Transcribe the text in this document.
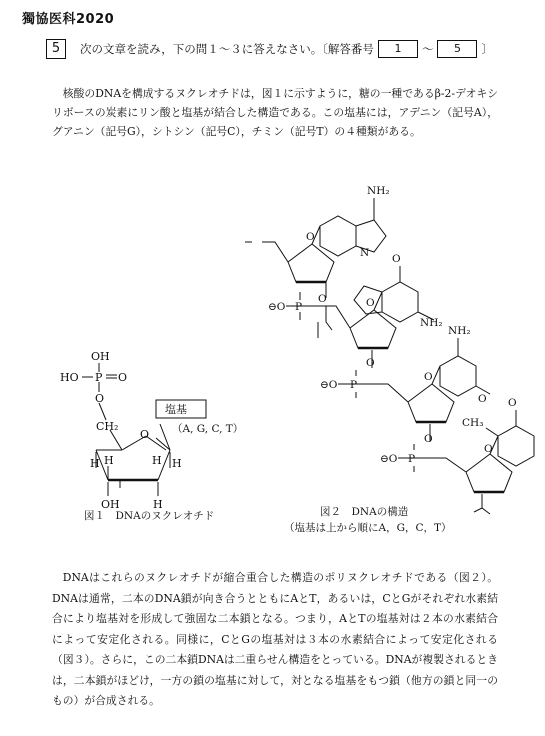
獨協医科2020
5	次の文章を読み，下の問１～３に答えなさい。〔解答番号	1	～	5	〕
核酸のDNAを構成するヌクレオチドは，図１に示すように，糖の一種であるβ-2-デオキシリボースの炭素にリン酸と塩基が結合した構造である。この塩基には，アデニン（記号A），グアニン（記号G），シトシン（記号C），チミン（記号T）の４種類がある。
OH
HO P O
O
CH₂
O
H H	H H
OH	H
塩基
（A, G, C, T）
NH₂
N
O
O
⊖O P
O
NH₂
O
O
⊖O P
NH₂
O
O
O
⊖O P
O
CH₃
O
図１　DNAのヌクレオチド	図２　DNAの構造
（塩基は上から順にA，G，C，T）
DNAはこれらのヌクレオチドが縮合重合した構造のポリヌクレオチドである（図２）。DNAは通常，二本のDNA鎖が向き合うとともにAとT，あるいは，CとGがそれぞれ水素結合により塩基対を形成して強固な二本鎖となる。つまり，AとTの塩基対は２本の水素結合によって安定化される。同様に，CとGの塩基対は３本の水素結合によって安定化される（図３）。さらに，この二本鎖DNAは二重らせん構造をとっている。DNAが複製されるときは，二本鎖がほどけ，一方の鎖の塩基に対して，対となる塩基をもつ鎖（他方の鎖と同一のもの）が合成される。
